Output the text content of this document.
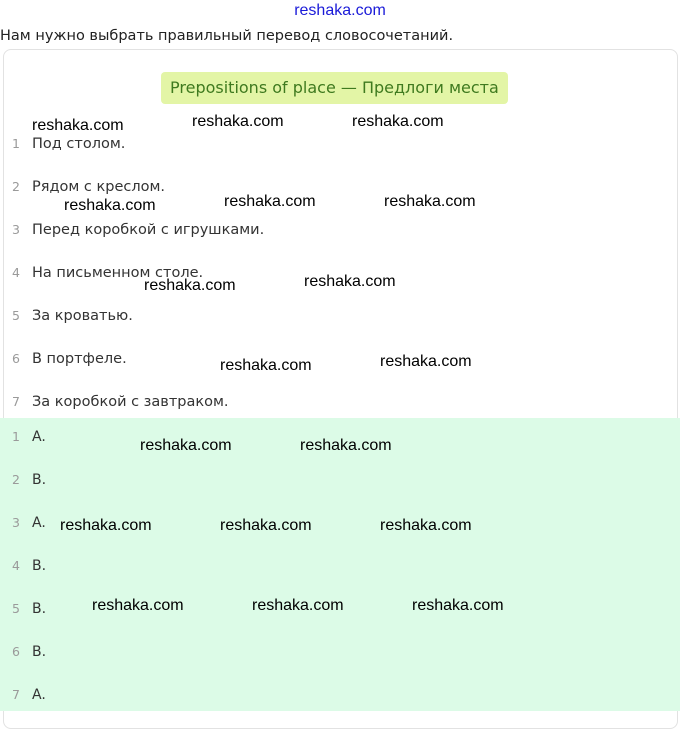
reshaka.com
Нам нужно выбрать правильный перевод словосочетаний.
Prepositions of place — Предлоги места
1 Под столом.
2 Рядом с креслом.
3 Перед коробкой с игрушками.
4 На письменном столе.
5 За кроватью.
6 В портфеле.
7 За коробкой с завтраком.
1 A.
2 B.
3 A.
4 B.
5 B.
6 B.
7 A.
reshaka.com	reshaka.com	reshaka.com
reshaka.com	reshaka.com	reshaka.com
reshaka.com	reshaka.com
reshaka.com	reshaka.com
reshaka.com	reshaka.com
reshaka.com	reshaka.com	reshaka.com
reshaka.com	reshaka.com	reshaka.com
